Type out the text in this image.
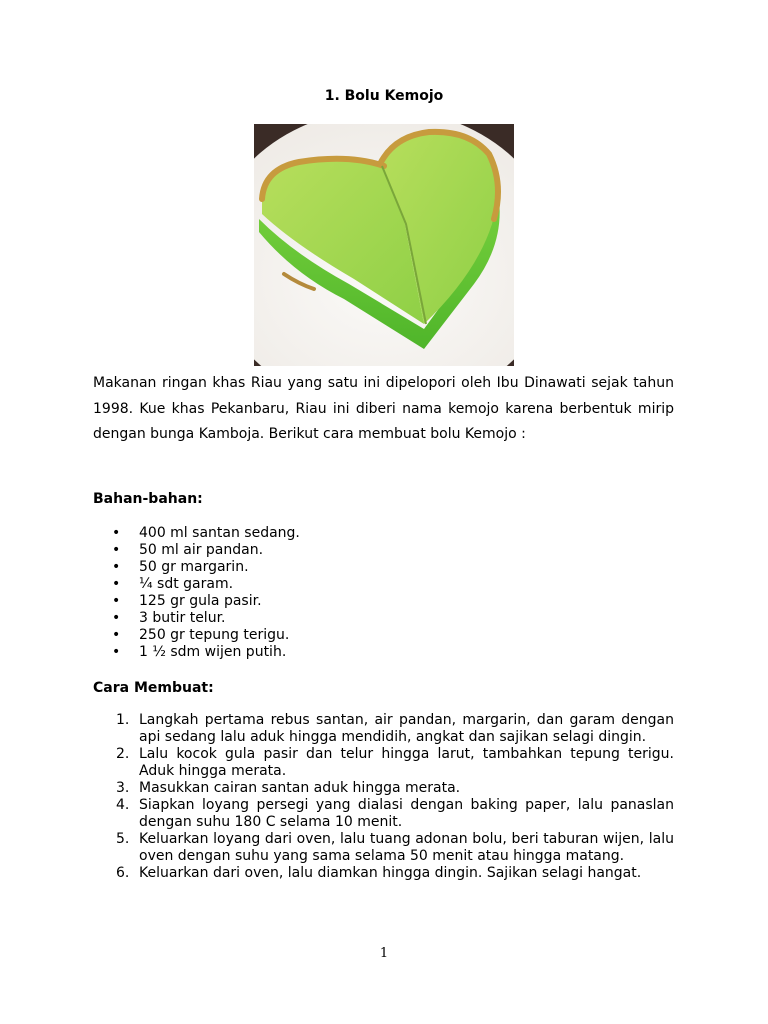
1. Bolu Kemojo

Makanan ringan khas Riau yang satu ini dipelopori oleh Ibu Dinawati sejak tahun 1998. Kue khas Pekanbaru, Riau ini diberi nama kemojo karena berbentuk mirip dengan bunga Kamboja. Berikut cara membuat bolu Kemojo :

Bahan-bahan:

• 400 ml santan sedang.
• 50 ml air pandan.
• 50 gr margarin.
• ¼ sdt garam.
• 125 gr gula pasir.
• 3 butir telur.
• 250 gr tepung terigu.
• 1 ½ sdm wijen putih.

Cara Membuat:

1. Langkah pertama rebus santan, air pandan, margarin, dan garam dengan api sedang lalu aduk hingga mendidih, angkat dan sajikan selagi dingin.
2. Lalu kocok gula pasir dan telur hingga larut, tambahkan tepung terigu. Aduk hingga merata.
3. Masukkan cairan santan aduk hingga merata.
4. Siapkan loyang persegi yang dialasi dengan baking paper, lalu panaslan dengan suhu 180 C selama 10 menit.
5. Keluarkan loyang dari oven, lalu tuang adonan bolu, beri taburan wijen, lalu oven dengan suhu yang sama selama 50 menit atau hingga matang.
6. Keluarkan dari oven, lalu diamkan hingga dingin. Sajikan selagi hangat.
1
